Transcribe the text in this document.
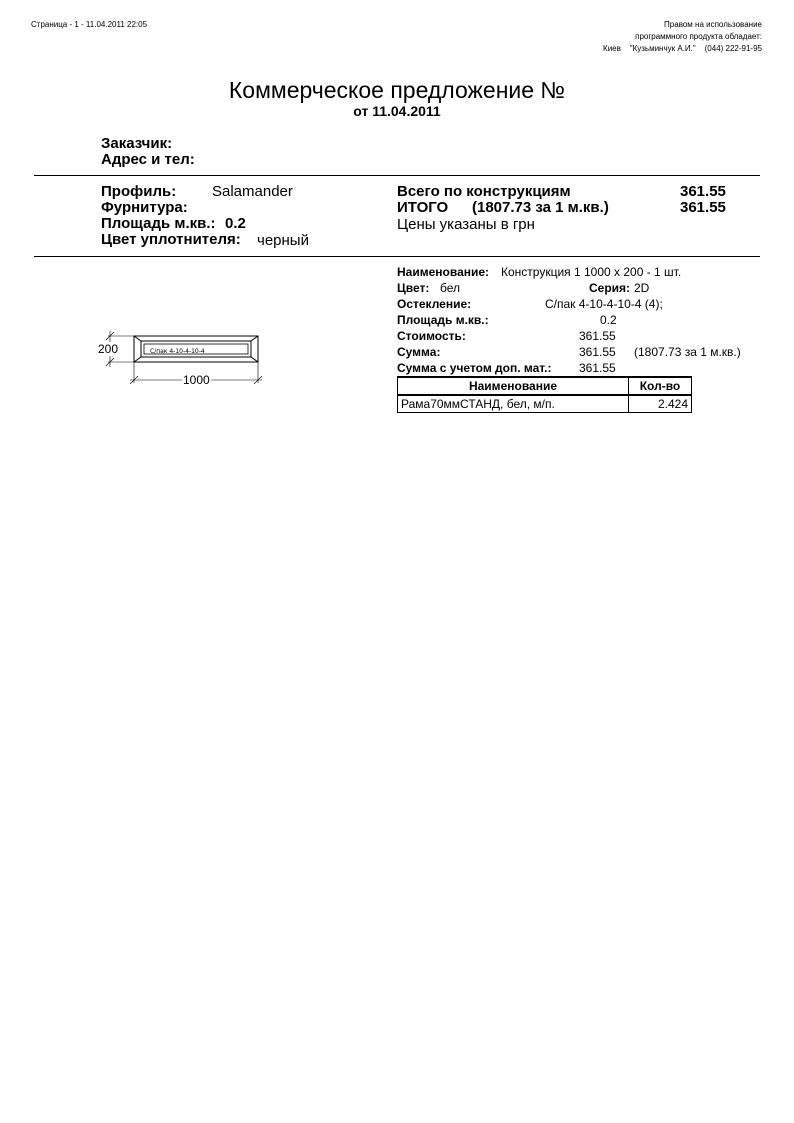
Страница - 1 - 11.04.2011 22:05	Правом на использование
программного продукта обладает:
Киев    "Кузьминчук А.И."    (044) 222-91-95
Коммерческое предложение №
от 11.04.2011
Заказчик:
Адрес и тел:
Профиль: Salamander
Фурнитура:
Площадь м.кв.: 0.2
Цвет уплотнителя: черный
Всего по конструкциям	361.55
ИТОГО (1807.73 за 1 м.кв.)	361.55
Цены указаны в грн
С/пак 4-10-4-10-4
200
1000
Наименование: Конструкция 1 1000 x 200 - 1 шт.
Цвет: бел	Серия: 2D
Остекление:	С/пак 4-10-4-10-4 (4);
Площадь м.кв.:	0.2
Стоимость:	361.55
Сумма:	361.55 (1807.73 за 1 м.кв.)
Сумма с учетом доп. мат.: 361.55
Наименование	Кол-во
Рама70ммСТАНД, бел, м/п.	2.424
